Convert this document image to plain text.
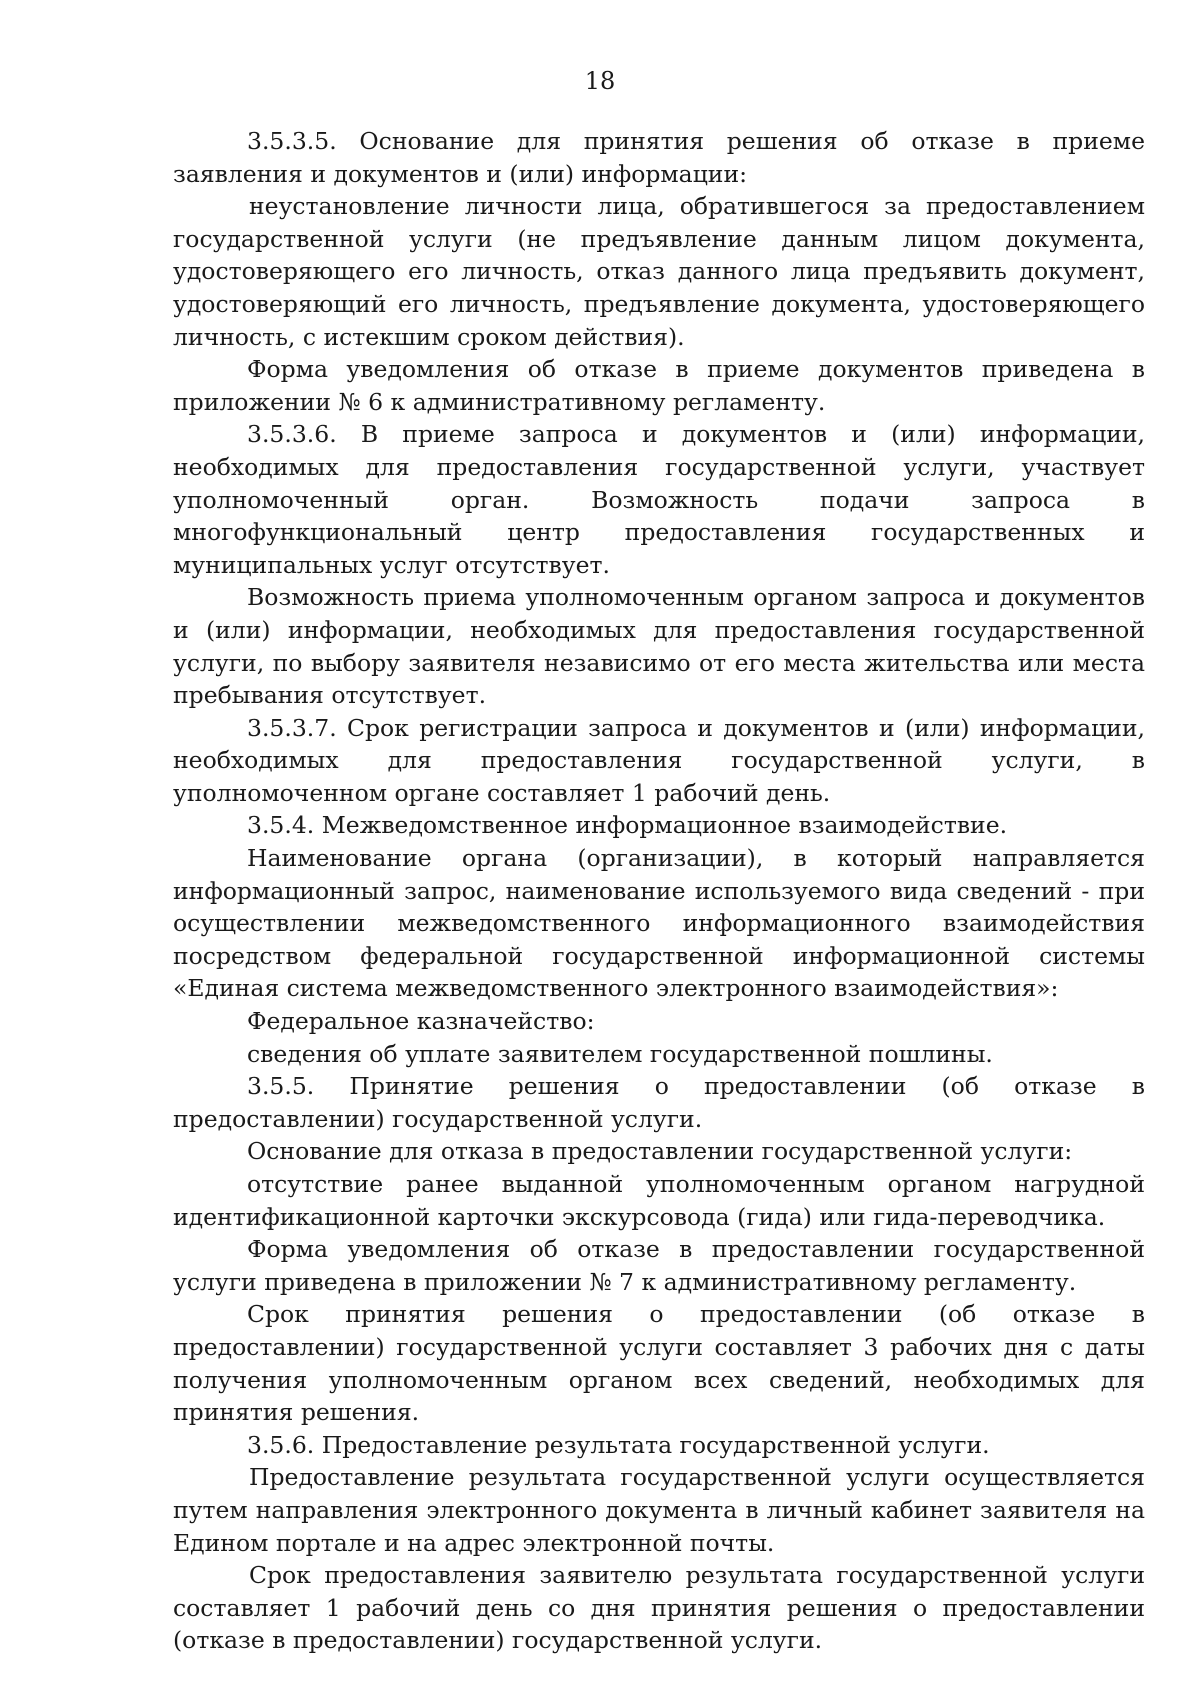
18

3.5.3.5. Основание для принятия решения об отказе в приеме заявления и документов и (или) информации:

неустановление личности лица, обратившегося за предоставлением государственной услуги (не предъявление данным лицом документа, удостоверяющего его личность, отказ данного лица предъявить документ, удостоверяющий его личность, предъявление документа, удостоверяющего личность, с истекшим сроком действия).

Форма уведомления об отказе в приеме документов приведена в приложении № 6 к административному регламенту.

3.5.3.6. В приеме запроса и документов и (или) информации, необходимых для предоставления государственной услуги, участвует уполномоченный орган. Возможность подачи запроса в многофункциональный центр предоставления государственных и муниципальных услуг отсутствует.

Возможность приема уполномоченным органом запроса и документов и (или) информации, необходимых для предоставления государственной услуги, по выбору заявителя независимо от его места жительства или места пребывания отсутствует.

3.5.3.7. Срок регистрации запроса и документов и (или) информации, необходимых для предоставления государственной услуги, в уполномоченном органе составляет 1 рабочий день.

3.5.4. Межведомственное информационное взаимодействие.

Наименование органа (организации), в который направляется информационный запрос, наименование используемого вида сведений - при осуществлении межведомственного информационного взаимодействия посредством федеральной государственной информационной системы «Единая система межведомственного электронного взаимодействия»:

Федеральное казначейство:

сведения об уплате заявителем государственной пошлины.

3.5.5. Принятие решения о предоставлении (об отказе в предоставлении) государственной услуги.

Основание для отказа в предоставлении государственной услуги:

отсутствие ранее выданной уполномоченным органом нагрудной идентификационной карточки экскурсовода (гида) или гида-переводчика.

Форма уведомления об отказе в предоставлении государственной услуги приведена в приложении № 7 к административному регламенту.

Срок принятия решения о предоставлении (об отказе в предоставлении) государственной услуги составляет 3 рабочих дня с даты получения уполномоченным органом всех сведений, необходимых для принятия решения.

3.5.6. Предоставление результата государственной услуги.

Предоставление результата государственной услуги осуществляется путем направления электронного документа в личный кабинет заявителя на Едином портале и на адрес электронной почты.

Срок предоставления заявителю результата государственной услуги составляет 1 рабочий день со дня принятия решения о предоставлении (отказе в предоставлении) государственной услуги.
